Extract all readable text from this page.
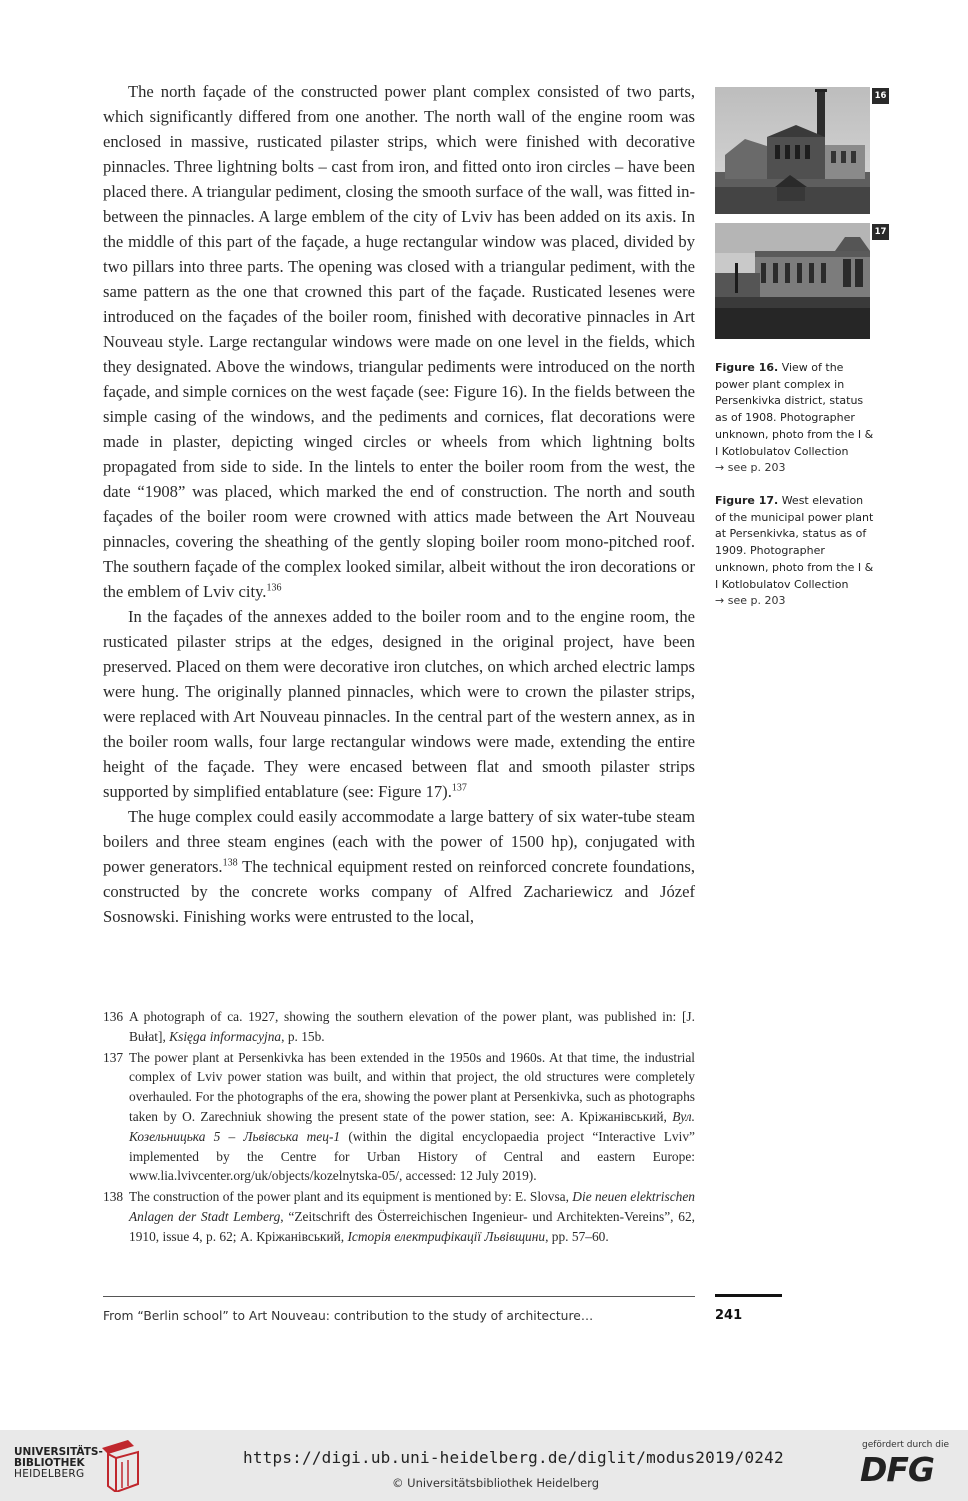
The north façade of the constructed power plant complex consisted of two parts, which significantly differed from one another. The north wall of the engine room was enclosed in massive, rusticated pilaster strips, which were finished with decorative pinnacles. Three lightning bolts – cast from iron, and fitted onto iron circles – have been placed there. A triangular pediment, closing the smooth surface of the wall, was fitted in-between the pinnacles. A large emblem of the city of Lviv has been added on its axis. In the middle of this part of the façade, a huge rectangular window was placed, divided by two pillars into three parts. The opening was closed with a triangular pediment, with the same pattern as the one that crowned this part of the façade. Rusticated lesenes were introduced on the façades of the boiler room, finished with decorative pinnacles in Art Nouveau style. Large rectangular windows were made on one level in the fields, which they designated. Above the windows, triangular pediments were introduced on the north façade, and simple cornices on the west façade (see: Figure 16). In the fields between the simple casing of the windows, and the pediments and cornices, flat decorations were made in plaster, depicting winged circles or wheels from which lightning bolts propagated from side to side. In the lintels to enter the boiler room from the west, the date “1908” was placed, which marked the end of construction. The north and south façades of the boiler room were crowned with attics made between the Art Nouveau pinnacles, covering the sheathing of the gently sloping boiler room mono-pitched roof. The southern façade of the complex looked similar, albeit without the iron decorations or the emblem of Lviv city.$^{136}$

In the façades of the annexes added to the boiler room and to the engine room, the rusticated pilaster strips at the edges, designed in the original project, have been preserved. Placed on them were decorative iron clutches, on which arched electric lamps were hung. The originally planned pinnacles, which were to crown the pilaster strips, were replaced with Art Nouveau pinnacles. In the central part of the western annex, as in the boiler room walls, four large rectangular windows were made, extending the entire height of the façade. They were encased between flat and smooth pilaster strips supported by simplified entablature (see: Figure 17).$^{137}$

The huge complex could easily accommodate a large battery of six water-tube steam boilers and three steam engines (each with the power of 1500 hp), conjugated with power generators.$^{138}$ The technical equipment rested on reinforced concrete foundations, constructed by the concrete works company of Alfred Zachariewicz and Józef Sosnowski. Finishing works were entrusted to the local,

16
17
Figure 16. View of the power plant complex in Persenkivka district, status as of 1908. Photographer unknown, photo from the I & I Kotlobulatov Collection
→ see p. 203
Figure 17. West elevation of the municipal power plant at Persenkivka, status as of 1909. Photographer unknown, photo from the I & I Kotlobulatov Collection
→ see p. 203
136 A photograph of ca. 1927, showing the southern elevation of the power plant, was published in: [J. Bułat], Księga informacyjna, p. 15b.
137 The power plant at Persenkivka has been extended in the 1950s and 1960s. At that time, the industrial complex of Lviv power station was built, and within that project, the old structures were completely overhauled. For the photographs of the era, showing the power plant at Persenkivka, such as photographs taken by O. Zarechniuk showing the present state of the power station, see: А. Кріжанівський, Вул. Козельницька 5 – Львівська тец-1 (within the digital encyclopaedia project “Interactive Lviv” implemented by the Centre for Urban History of Central and eastern Europe: www.lia.lvivcenter.org/uk/objects/kozelnytska-05/, accessed: 12 July 2019).
138 The construction of the power plant and its equipment is mentioned by: E. Slovsa, Die neuen elektrischen Anlagen der Stadt Lemberg, “Zeitschrift des Österreichischen Ingenieur- und Architekten-Vereins”, 62, 1910, issue 4, p. 62; А. Кріжанівський, Історія електрифікації Львівщини, pp. 57–60.
From “Berlin school” to Art Nouveau: contribution to the study of architecture…	241
UNIVERSITÄTS-
BIBLIOTHEK
HEIDELBERG
https://digi.ub.uni-heidelberg.de/diglit/modus2019/0242
© Universitätsbibliothek Heidelberg
gefördert durch die
DFG
